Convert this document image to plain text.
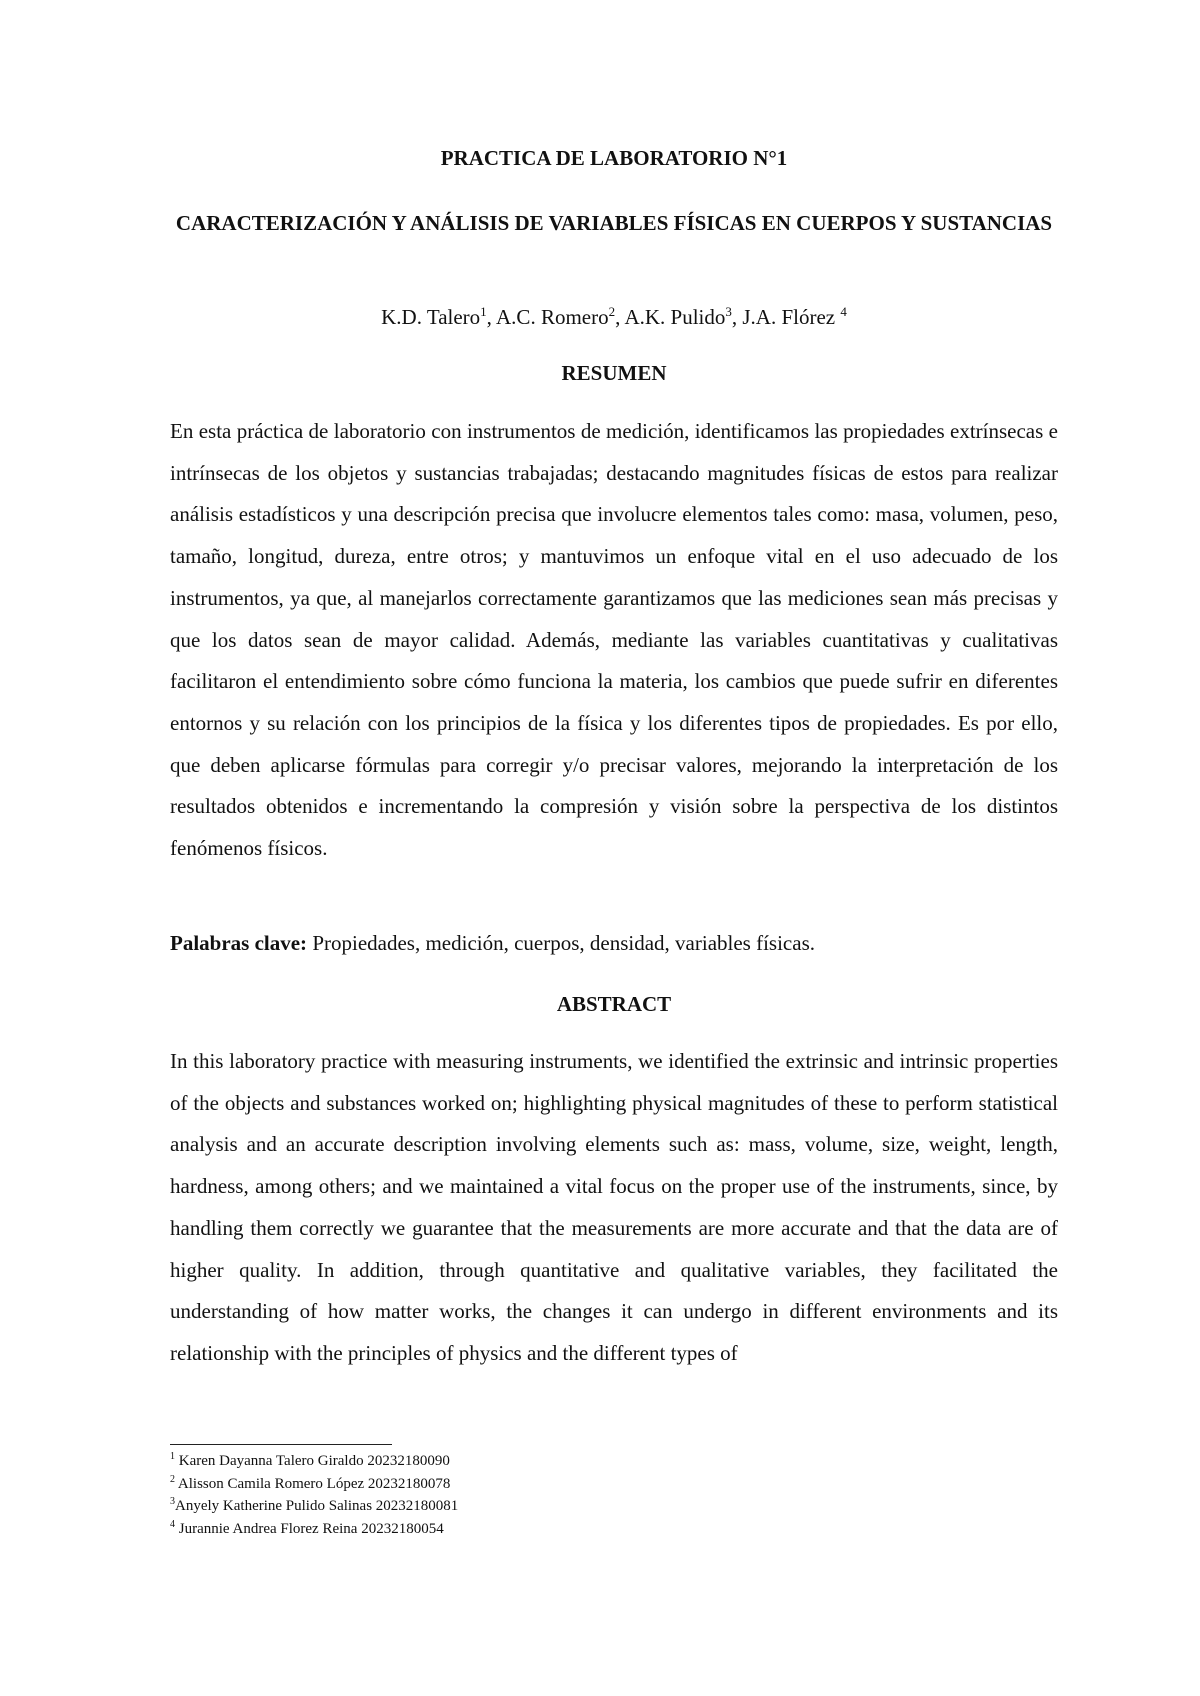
PRACTICA DE LABORATORIO N°1
CARACTERIZACIÓN Y ANÁLISIS DE VARIABLES FÍSICAS EN CUERPOS Y SUSTANCIAS
K.D. Talero$^1$, A.C. Romero$^2$, A.K. Pulido$^3$, J.A. Flórez $^4$
RESUMEN
En esta práctica de laboratorio con instrumentos de medición, identificamos las propiedades extrínsecas e intrínsecas de los objetos y sustancias trabajadas; destacando magnitudes físicas de estos para realizar análisis estadísticos y una descripción precisa que involucre elementos tales como: masa, volumen, peso, tamaño, longitud, dureza, entre otros; y mantuvimos un enfoque vital en el uso adecuado de los instrumentos, ya que, al manejarlos correctamente garantizamos que las mediciones sean más precisas y que los datos sean de mayor calidad. Además, mediante las variables cuantitativas y cualitativas facilitaron el entendimiento sobre cómo funciona la materia, los cambios que puede sufrir en diferentes entornos y su relación con los principios de la física y los diferentes tipos de propiedades. Es por ello, que deben aplicarse fórmulas para corregir y/o precisar valores, mejorando la interpretación de los resultados obtenidos e incrementando la compresión y visión sobre la perspectiva de los distintos fenómenos físicos.
Palabras clave: Propiedades, medición, cuerpos, densidad, variables físicas.
ABSTRACT
In this laboratory practice with measuring instruments, we identified the extrinsic and intrinsic properties of the objects and substances worked on; highlighting physical magnitudes of these to perform statistical analysis and an accurate description involving elements such as: mass, volume, size, weight, length, hardness, among others; and we maintained a vital focus on the proper use of the instruments, since, by handling them correctly we guarantee that the measurements are more accurate and that the data are of higher quality. In addition, through quantitative and qualitative variables, they facilitated the understanding of how matter works, the changes it can undergo in different environments and its relationship with the principles of physics and the different types of
$^1$ Karen Dayanna Talero Giraldo 20232180090
$^2$ Alisson Camila Romero López 20232180078
$^3$Anyely Katherine Pulido Salinas 20232180081
$^4$ Jurannie Andrea Florez Reina 20232180054
